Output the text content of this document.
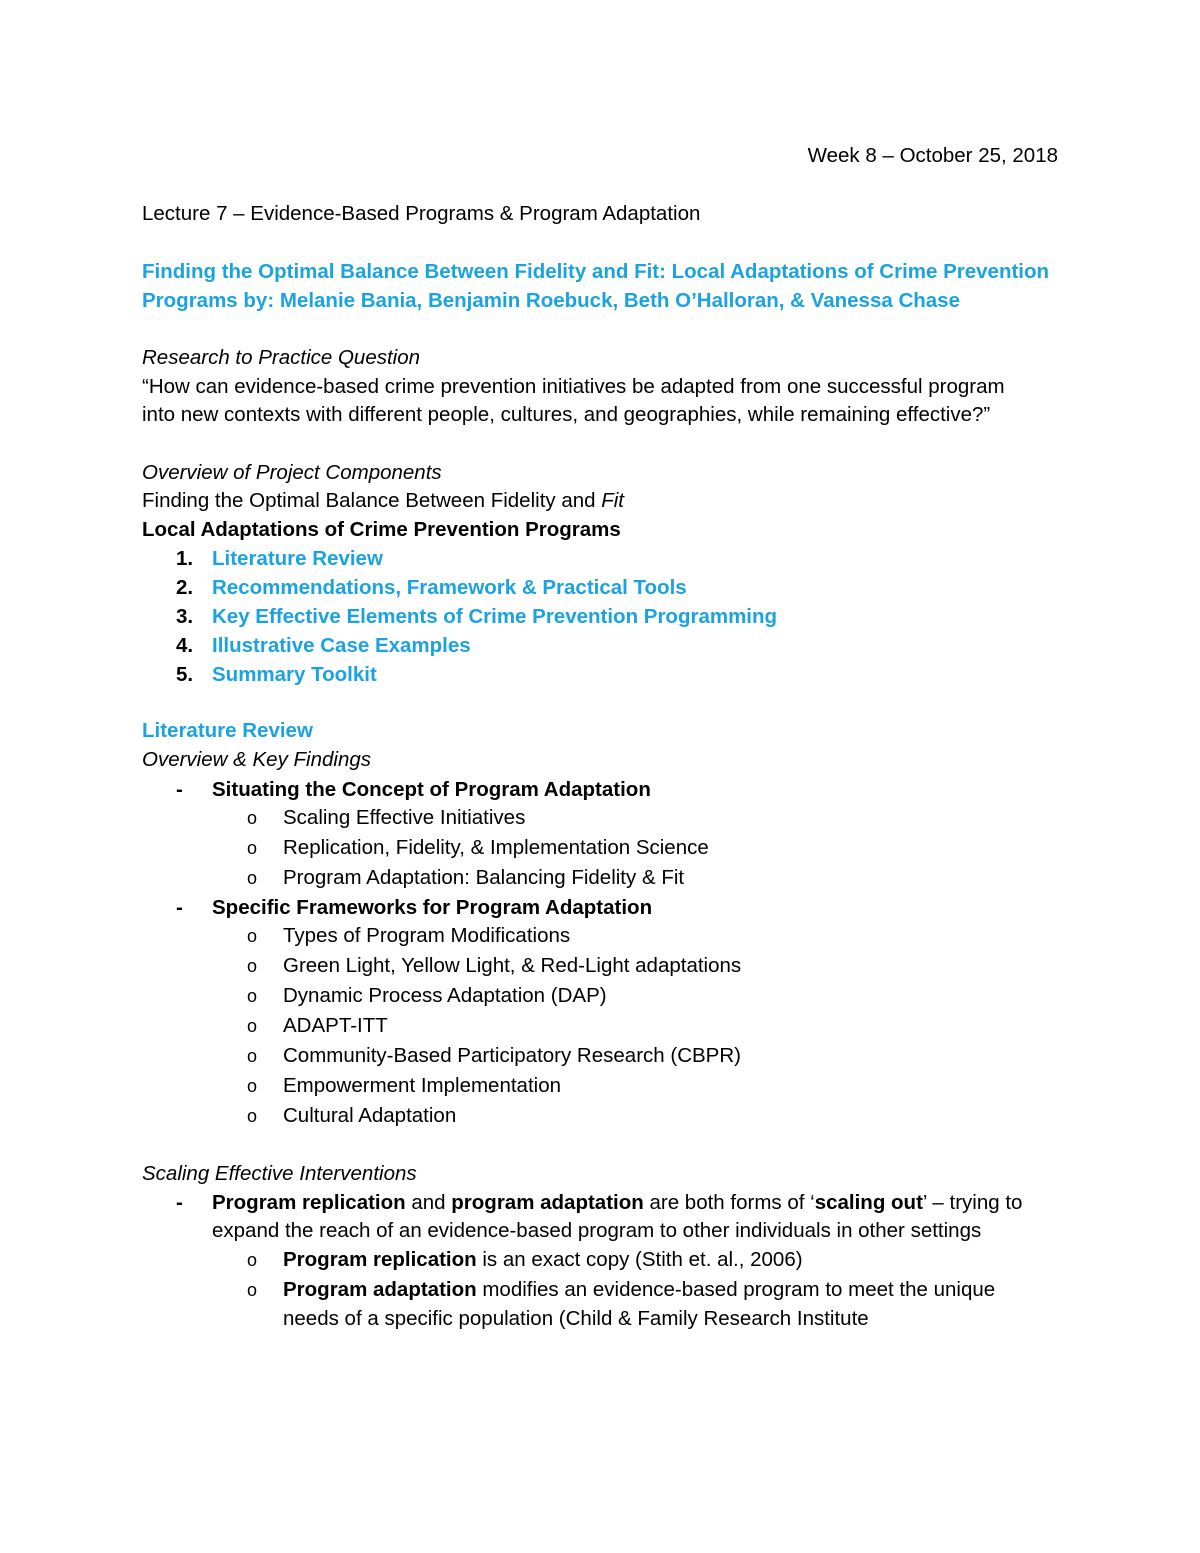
Week 8 – October 25, 2018
Lecture 7 – Evidence-Based Programs & Program Adaptation
Finding the Optimal Balance Between Fidelity and Fit: Local Adaptations of Crime Prevention
Programs by: Melanie Bania, Benjamin Roebuck, Beth O’Halloran, & Vanessa Chase
Research to Practice Question
“How can evidence-based crime prevention initiatives be adapted from one successful program
into new contexts with different people, cultures, and geographies, while remaining effective?”
Overview of Project Components
Finding the Optimal Balance Between Fidelity and Fit
Local Adaptations of Crime Prevention Programs
1. Literature Review
2. Recommendations, Framework & Practical Tools
3. Key Effective Elements of Crime Prevention Programming
4. Illustrative Case Examples
5. Summary Toolkit
Literature Review
Overview & Key Findings
- Situating the Concept of Program Adaptation
o Scaling Effective Initiatives
o Replication, Fidelity, & Implementation Science
o Program Adaptation: Balancing Fidelity & Fit
- Specific Frameworks for Program Adaptation
o Types of Program Modifications
o Green Light, Yellow Light, & Red-Light adaptations
o Dynamic Process Adaptation (DAP)
o ADAPT-ITT
o Community-Based Participatory Research (CBPR)
o Empowerment Implementation
o Cultural Adaptation
Scaling Effective Interventions
- Program replication and program adaptation are both forms of ‘scaling out’ – trying to
expand the reach of an evidence-based program to other individuals in other settings
o Program replication is an exact copy (Stith et. al., 2006)
o Program adaptation modifies an evidence-based program to meet the unique
needs of a specific population (Child & Family Research Institute
